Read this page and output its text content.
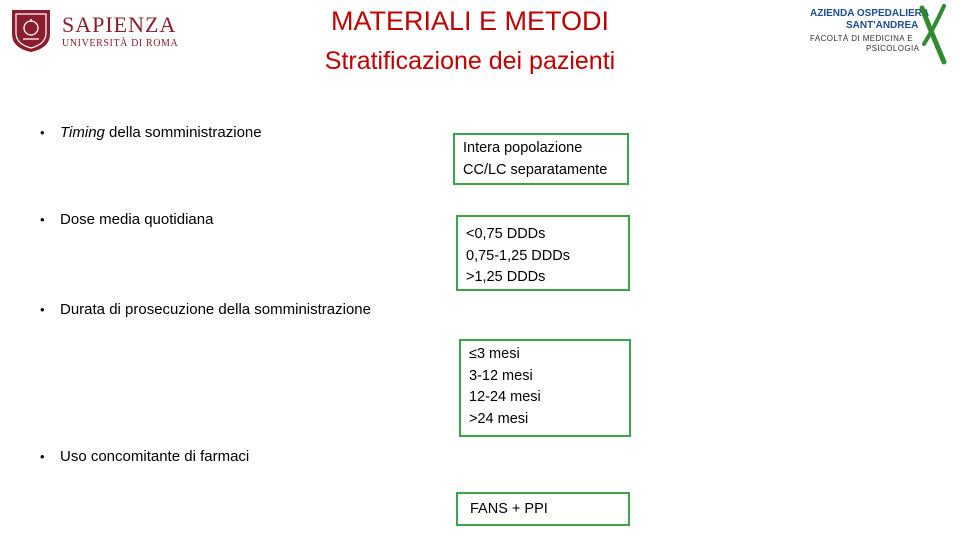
SAPIENZA
UNIVERSITÀ DI ROMA
AZIENDA OSPEDALIERA
SANT'ANDREA
FACOLTÀ DI MEDICINA E
PSICOLOGIA
MATERIALI E METODI
Stratificazione dei pazienti
•	Timing della somministrazione
•	Dose media quotidiana
•	Durata di prosecuzione della somministrazione
•	Uso concomitante di farmaci
Intera popolazione
CC/LC separatamente
<0,75 DDDs
0,75-1,25 DDDs
>1,25 DDDs
≤3 mesi
3-12 mesi
12-24 mesi
>24 mesi
FANS + PPI
